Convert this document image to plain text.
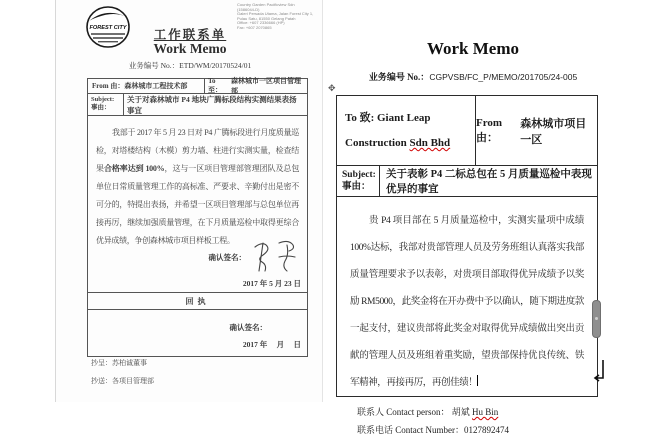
FOREST CITY
Country Garden Pacificview Sdn
(1586044-D)
Galeri Persada Utama, Jalan Forest City 1,
Pulau Satu, 81550 Gelang Patah
Office: +607 2336666 (HP)
Fax: +607 2070865
工作联系单
Work Memo
业务编号 No.：ETD/WM/20170524/01
From 由： 森林城市工程技术部
To 至：
森林城市一区项目管理部
Subject:
事由：
关于对森林城市 P4 地块广腾标段结构实测结果表扬事宜

我部于 2017 年 5 月 23 日对 P4 广腾标段进行月度质量巡检，对塔楼结构（木模）剪力墙、柱进行实测实量，检查结果合格率达到 100%，这与一区项目管理部管理团队及总包单位日常质量管理工作的高标准、严要求、辛勤付出是密不可分的，特提出表扬，并希望一区项目管理部与总包单位再接再厉，继续加强质量管理，在下月质量巡检中取得更综合优异成绩，争创森林城市项目样板工程。

确认签名：
2017 年 5 月 23 日
回执
确认签名：
2017 年　 月　 日
抄呈：苏柏诚董事
抄送：各项目管理部
Work Memo
业务编号 No.：CGPVSB/FC_P/MEMO/201705/24-005
✥
To 致: Giant Leap Construction Sdn Bhd
From 由：
森林城市项目一区
Subject:
事由：
关于表彰 P4 二标总包在 5 月质量巡检中表现优异的事宜

贵 P4 项目部在 5 月质量巡检中，实测实量项中成绩 100%达标，我部对贵部管理人员及劳务班组认真落实我部质量管理要求予以表彰，对贵项目部取得优异成绩予以奖励 RM5000，此奖金将在开办费中予以确认，随下期进度款一起支付，建议贵部将此奖金对取得优异成绩做出突出贡献的管理人员及班组着重奖励，望贵部保持优良传统、铁军精神，再接再厉，再创佳绩！

联系人 Contact person： 胡斌 Hu Bin
联系电话 Contact Number：0127892474
